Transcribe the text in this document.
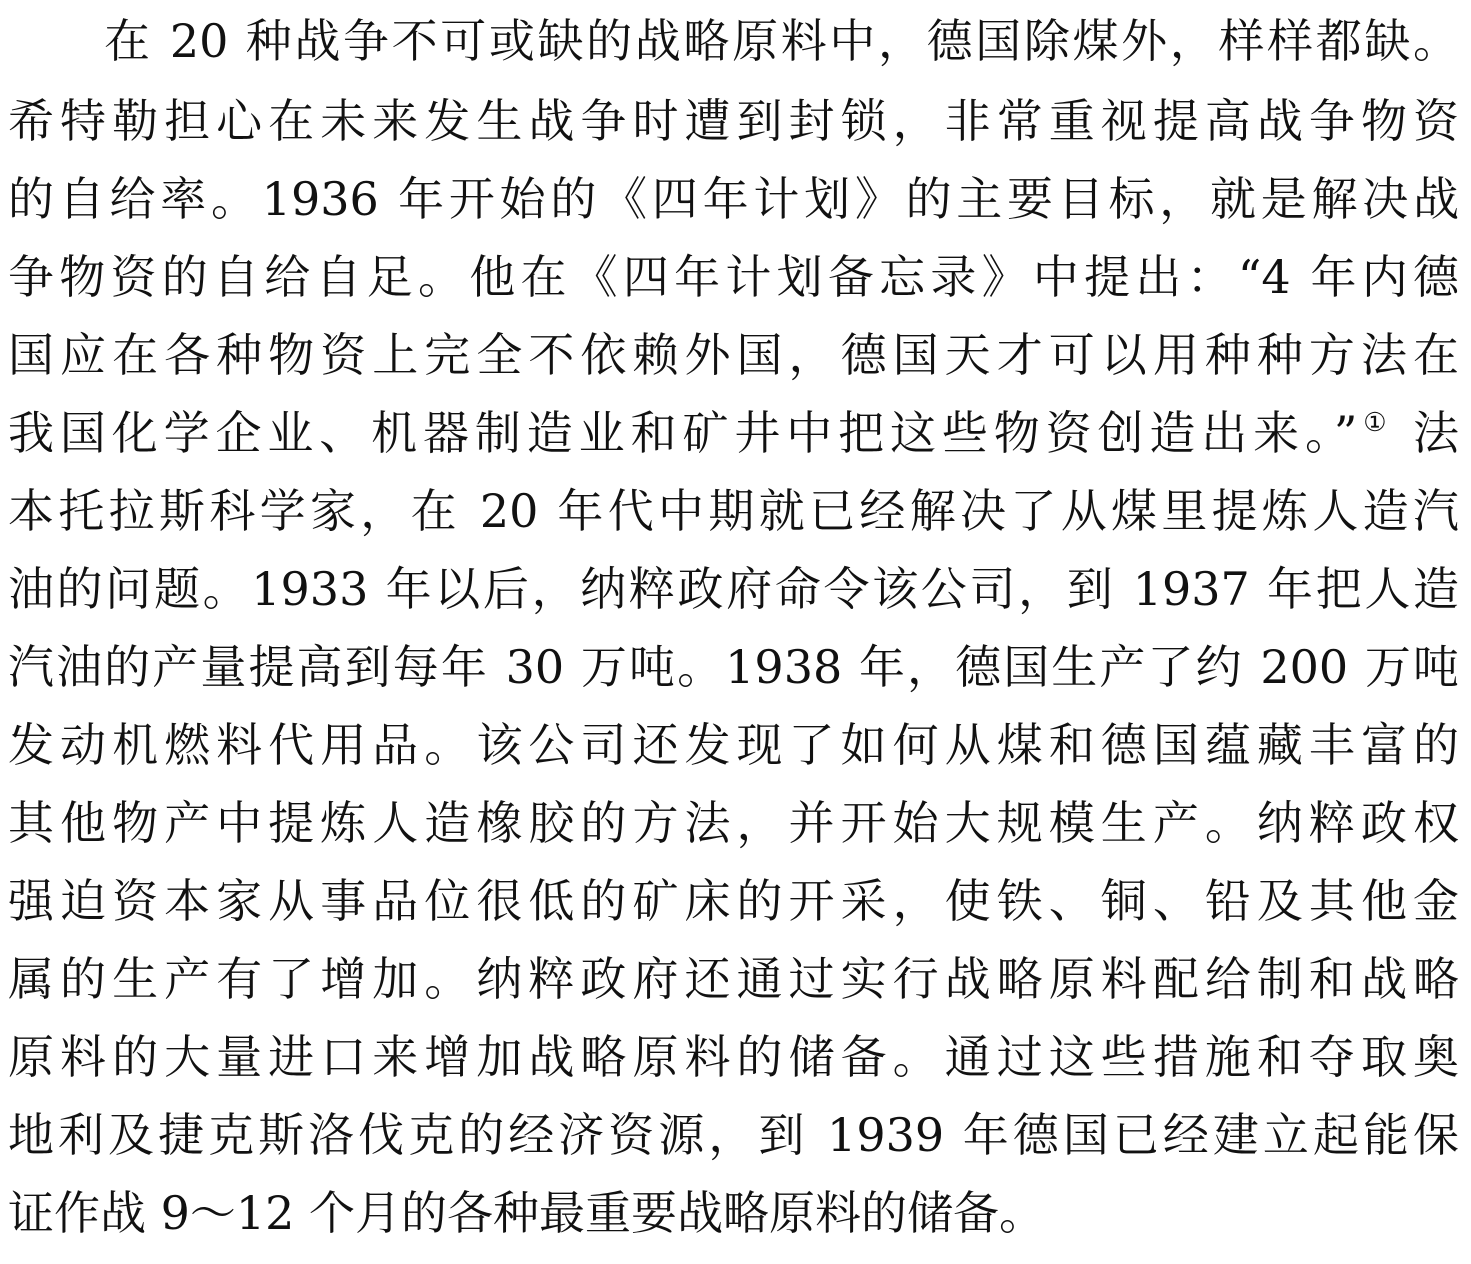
在 20 种战争不可或缺的战略原料中，德国除煤外，样样都缺。
希特勒担心在未来发生战争时遭到封锁，非常重视提高战争物资
的自给率。1936 年开始的《四年计划》的主要目标，就是解决战
争物资的自给自足。他在《四年计划备忘录》中提出：“4 年内德
国应在各种物资上完全不依赖外国，德国天才可以用种种方法在
我国化学企业、机器制造业和矿井中把这些物资创造出来。”① 法
本托拉斯科学家，在 20 年代中期就已经解决了从煤里提炼人造汽
油的问题。1933 年以后，纳粹政府命令该公司，到 1937 年把人造
汽油的产量提高到每年 30 万吨。1938 年，德国生产了约 200 万吨
发动机燃料代用品。该公司还发现了如何从煤和德国蕴藏丰富的
其他物产中提炼人造橡胶的方法，并开始大规模生产。纳粹政权
强迫资本家从事品位很低的矿床的开采，使铁、铜、铅及其他金
属的生产有了增加。纳粹政府还通过实行战略原料配给制和战略
原料的大量进口来增加战略原料的储备。通过这些措施和夺取奥
地利及捷克斯洛伐克的经济资源，到 1939 年德国已经建立起能保
证作战 9～12 个月的各种最重要战略原料的储备。
